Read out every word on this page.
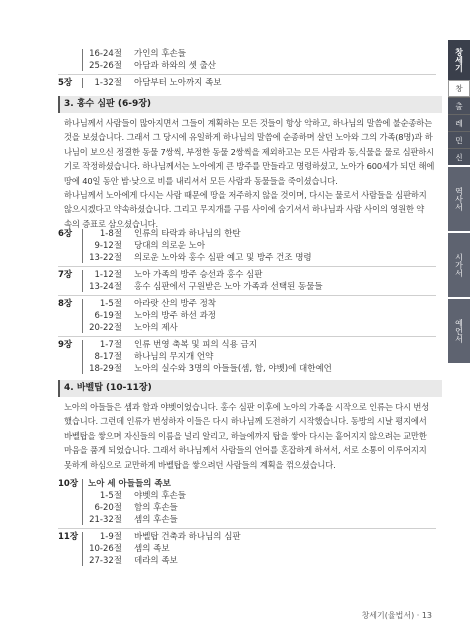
16-24절	가인의 후손들
25-26절	아담과 하와의 셋 출산
5장	1-32절	아담부터 노아까지 족보
3. 홍수 심판 (6-9장)
하나님께서 사람들이 많아지면서 그들이 계획하는 모든 것들이 항상 악하고, 하나님의 말씀에 불순종하는
것을 보셨습니다. 그래서 그 당시에 유일하게 하나님의 말씀에 순종하며 살던 노아와 그의 가족(8명)과 하
나님이 보으신 정결한 동물 7쌍씩, 부정한 동물 2쌍씩을 제외하고는 모든 사람과 동,식물을 물로 심판하시
기로 작정하셨습니다. 하나님께서는 노아에게 큰 방주를 만들라고 명령하셨고, 노아가 600세가 되던 해에
땅에 40일 동안 밤·낮으로 비를 내리셔서 모든 사람과 동물들을 죽이셨습니다.
하나님께서 노아에게 다시는 사람 때문에 땅을 저주하지 않을 것이며, 다시는 물로서 사람들을 심판하지
않으시겠다고 약속하셨습니다. 그리고 무지개를 구름 사이에 숨기셔서 하나님과 사람 사이의 영원한 약
속의 증표로 삼으셨습니다.
6장	1-8절	인류의 타락과 하나님의 한탄
9-12절	당대의 의로운 노아
13-22절	의로운 노아와 홍수 심판 예고 및 방주 건조 명령
7장	1-12절	노아 가족의 방주 승선과 홍수 심판
13-24절	홍수 심판에서 구원받은 노아 가족과 선택된 동물들
8장	1-5절	아라랏 산의 방주 정착
6-19절	노아의 방주 하선 과정
20-22절	노아의 제사
9장	1-7절	인류 번영 축복 및 피의 식용 금지
8-17절	하나님의 무지개 언약
18-29절	노아의 실수와 3명의 아들들(셈, 함, 야벳)에 대한예언
4. 바벨탑 (10-11장)
노아의 아들들은 셈과 함과 야벳이었습니다. 홍수 심판 이후에 노아의 가족을 시작으로 인류는 다시 번성
했습니다. 그런데 인류가 번성하자 이들은 다시 하나님께 도전하기 시작했습니다. 동방의 시날 평지에서
바벨탑을 쌓으며 자신들의 이름을 널리 알리고, 하늘에까지 탑을 쌓아 다시는 흩어지지 않으려는 교만한
마음을 품게 되었습니다. 그래서 하나님께서 사람들의 언어를 혼잡하게 하셔서, 서로 소통이 이루어지지
못하게 하심으로 교만하게 바벨탑을 쌓으려던 사람들의 계획을 꺾으셨습니다.
10장	노아 세 아들들의 족보
1-5절	야벳의 후손들
6-20절	함의 후손들
21-32절	셈의 후손들
11장	1-9절	바벨탑 건축과 하나님의 심판
10-26절	셈의 족보
27-32절	데라의 족보
창세기
창
출
레
민
신
역사서
시가서
예언서
창세기(율법서) · 13
